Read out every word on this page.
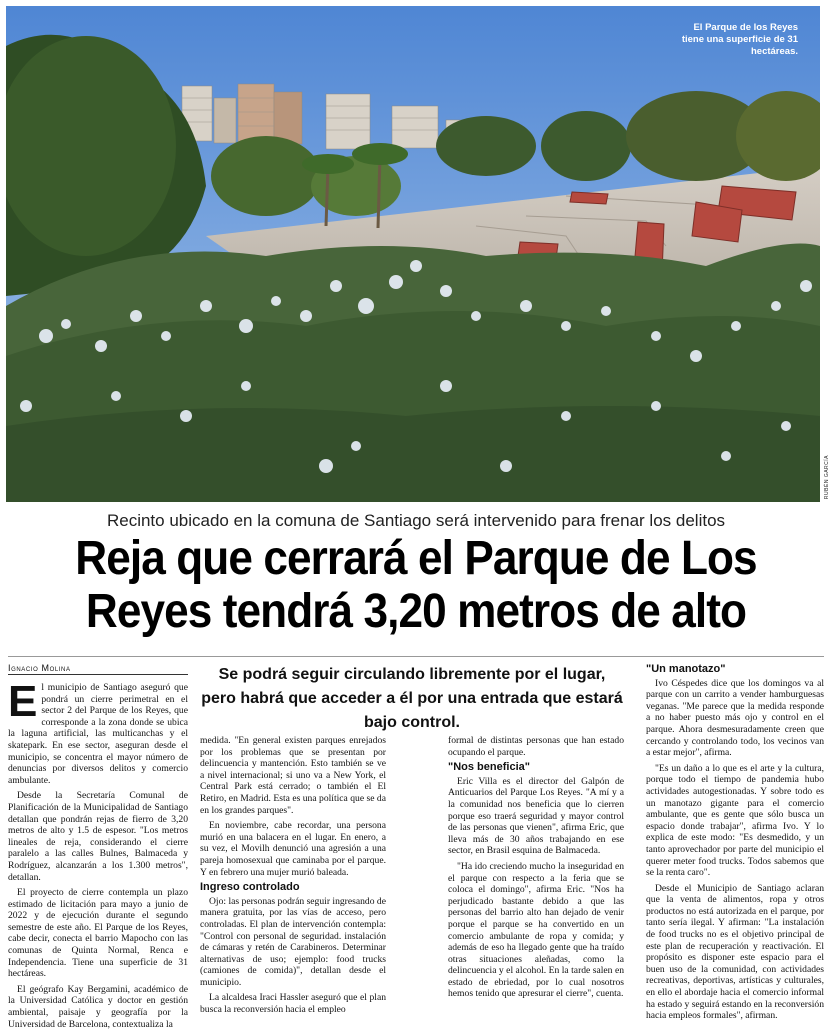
El Parque de los Reyes tiene una superficie de 31 hectáreas.
RUBÉN GARCÍA
Recinto ubicado en la comuna de Santiago será intervenido para frenar los delitos
Reja que cerrará el Parque de Los
Reyes tendrá 3,20 metros de alto
Ignacio Molina	Se podrá seguir circulando libremente por el lugar, pero habrá que acceder a él por una entrada que estará bajo control.

El municipio de Santiago aseguró que pondrá un cierre perimetral en el sector 2 del Parque de los Reyes, que corresponde a la zona donde se ubica la laguna artificial, las multicanchas y el skatepark. En ese sector, aseguran desde el municipio, se concentra el mayor número de denuncias por diversos delitos y comercio ambulante.

Desde la Secretaría Comunal de Planificación de la Municipalidad de Santiago detallan que pondrán rejas de fierro de 3,20 metros de alto y 1.5 de espesor. "Los metros lineales de reja, considerando el cierre paralelo a las calles Bulnes, Balmaceda y Rodríguez, alcanzarán a los 1.300 metros", detallan.

El proyecto de cierre contempla un plazo estimado de licitación para mayo a junio de 2022 y de ejecución durante el segundo semestre de este año. El Parque de los Reyes, cabe decir, conecta el barrio Mapocho con las comunas de Quinta Normal, Renca e Independencia. Tiene una superficie de 31 hectáreas.

El geógrafo Kay Bergamini, académico de la Universidad Católica y doctor en gestión ambiental, paisaje y geografía por la Universidad de Barcelona, contextualiza la

medida. "En general existen parques enrejados por los problemas que se presentan por delincuencia y mantención. Esto también se ve a nivel internacional; si uno va a New York, el Central Park está cerrado; o también el El Retiro, en Madrid. Esta es una política que se da en los grandes parques".

En noviembre, cabe recordar, una persona murió en una balacera en el lugar. En enero, a su vez, el Movilh denunció una agresión a una pareja homosexual que caminaba por el parque. Y en febrero una mujer murió baleada.

Ingreso controlado

Ojo: las personas podrán seguir ingresando de manera gratuita, por las vías de acceso, pero controladas. El plan de intervención contempla: "Control con personal de seguridad. instalación de cámaras y retén de Carabineros. Determinar alternativas de uso; ejemplo: food trucks (camiones de comida)", detallan desde el municipio.

La alcaldesa Iraci Hassler aseguró que el plan busca la reconversión hacia el empleo

formal de distintas personas que han estado ocupando el parque.

"Nos beneficia"

Eric Villa es el director del Galpón de Anticuarios del Parque Los Reyes. "A mí y a la comunidad nos beneficia que lo cierren porque eso traerá seguridad y mayor control de las personas que vienen", afirma Eric, que lleva más de 30 años trabajando en ese sector, en Brasil esquina de Balmaceda.

"Ha ido creciendo mucho la inseguridad en el parque con respecto a la feria que se coloca el domingo", afirma Eric. "Nos ha perjudicado bastante debido a que las personas del barrio alto han dejado de venir porque el parque se ha convertido en un comercio ambulante de ropa y comida; y además de eso ha llegado gente que ha traído otras situaciones aleñadas, como la delincuencia y el alcohol. En la tarde salen en estado de ebriedad, por lo cual nosotros hemos tenido que apresurar el cierre", cuenta.

"Un manotazo"

Ivo Céspedes dice que los domingos va al parque con un carrito a vender hamburguesas veganas. "Me parece que la medida responde a no haber puesto más ojo y control en el parque. Ahora desmesuradamente creen que cercando y controlando todo, los vecinos van a estar mejor", afirma.

"Es un daño a lo que es el arte y la cultura, porque todo el tiempo de pandemia hubo actividades autogestionadas. Y sobre todo es un manotazo gigante para el comercio ambulante, que es gente que sólo busca un espacio donde trabajar", afirma Ivo. Y lo explica de este modo: "Es desmedido, y un tanto aprovechador por parte del municipio el querer meter food trucks. Todos sabemos que se la renta caro".

Desde el Municipio de Santiago aclaran que la venta de alimentos, ropa y otros productos no está autorizada en el parque, por tanto sería ilegal. Y afirman: "La instalación de food trucks no es el objetivo principal de este plan de recuperación y reactivación. El propósito es disponer este espacio para el buen uso de la comunidad, con actividades recreativas, deportivas, artísticas y culturales, en ello el abordaje hacia el comercio informal ha estado y seguirá estando en la reconversión hacia empleos formales", afirman.
